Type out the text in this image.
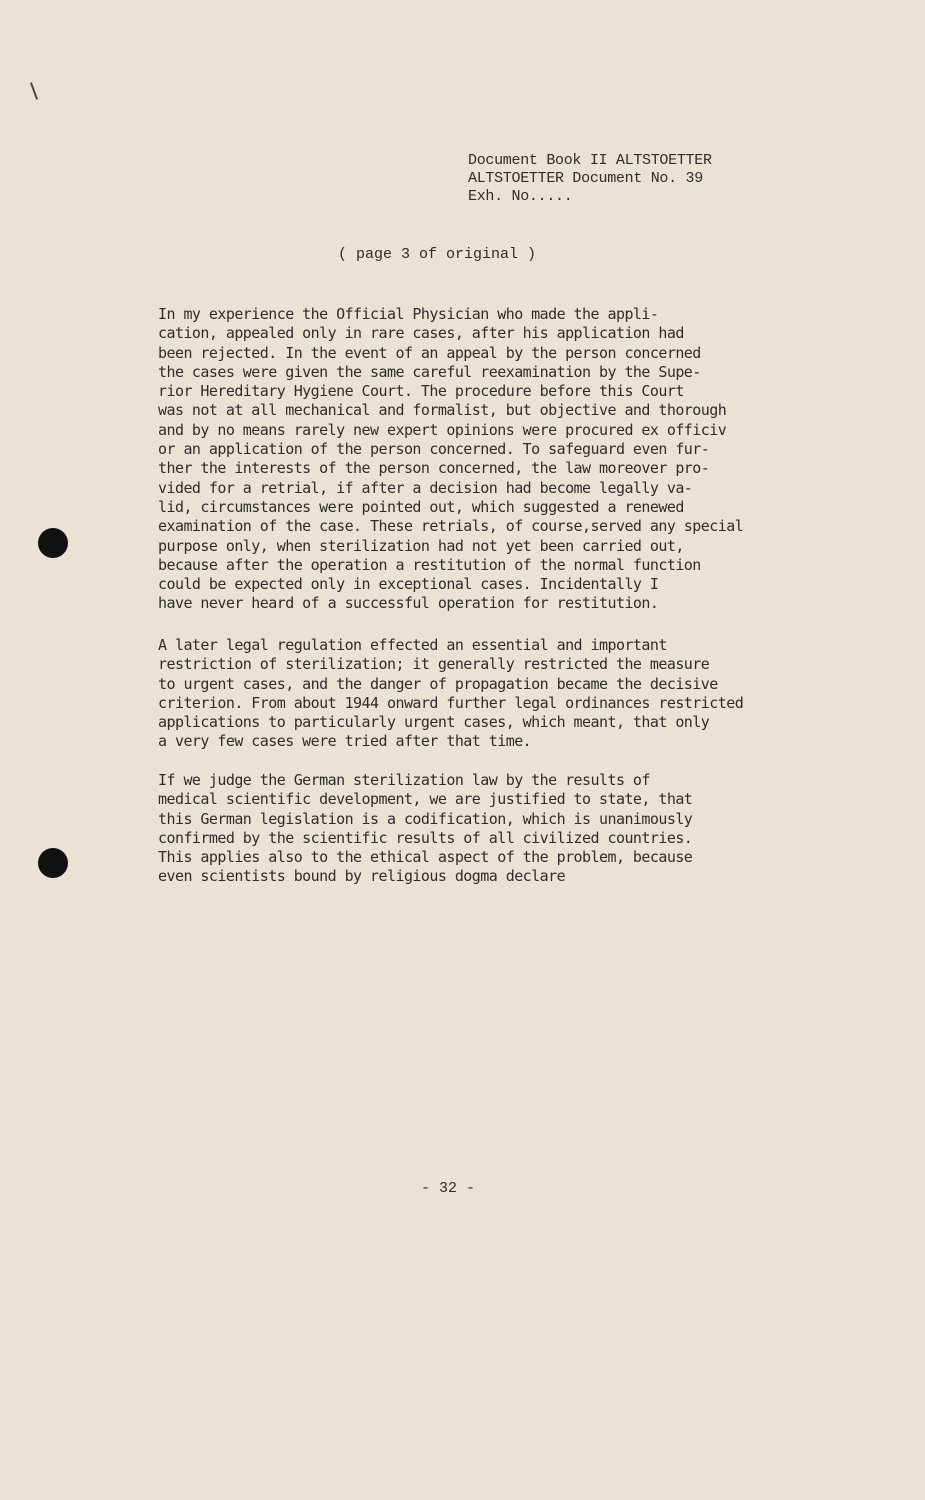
Document Book II ALTSTOETTER
ALTSTOETTER Document No. 39
Exh. No.....
( page 3 of original )
In my experience the Official Physician who made the appli-
cation, appealed only in rare cases, after his application had
been rejected. In the event of an appeal by the person concerned
the cases were given the same careful reexamination by the Supe-
rior Hereditary Hygiene Court. The procedure before this Court
was not at all mechanical and formalist, but objective and thorough
and by no means rarely new expert opinions were procured ex officiv
or an application of the person concerned. To safeguard even fur-
ther the interests of the person concerned, the law moreover pro-
vided for a retrial, if after a decision had become legally va-
lid, circumstances were pointed out, which suggested a renewed
examination of the case. These retrials, of course,served any special
purpose only, when sterilization had not yet been carried out,
because after the operation a restitution of the normal function
could be expected only in exceptional cases. Incidentally I
have never heard of a successful operation for restitution.
A later legal regulation effected an essential and important
restriction of sterilization; it generally restricted the measure
to urgent cases, and the danger of propagation became the decisive
criterion. From about 1944 onward further legal ordinances restricted
applications to particularly urgent cases, which meant, that only
a very few cases were tried after that time.
If we judge the German sterilization law by the results of
medical scientific development, we are justified to state, that
this German legislation is a codification, which is unanimously
confirmed by the scientific results of all civilized countries.
This applies also to the ethical aspect of the problem, because
even scientists bound by religious dogma declare
- 32 -
